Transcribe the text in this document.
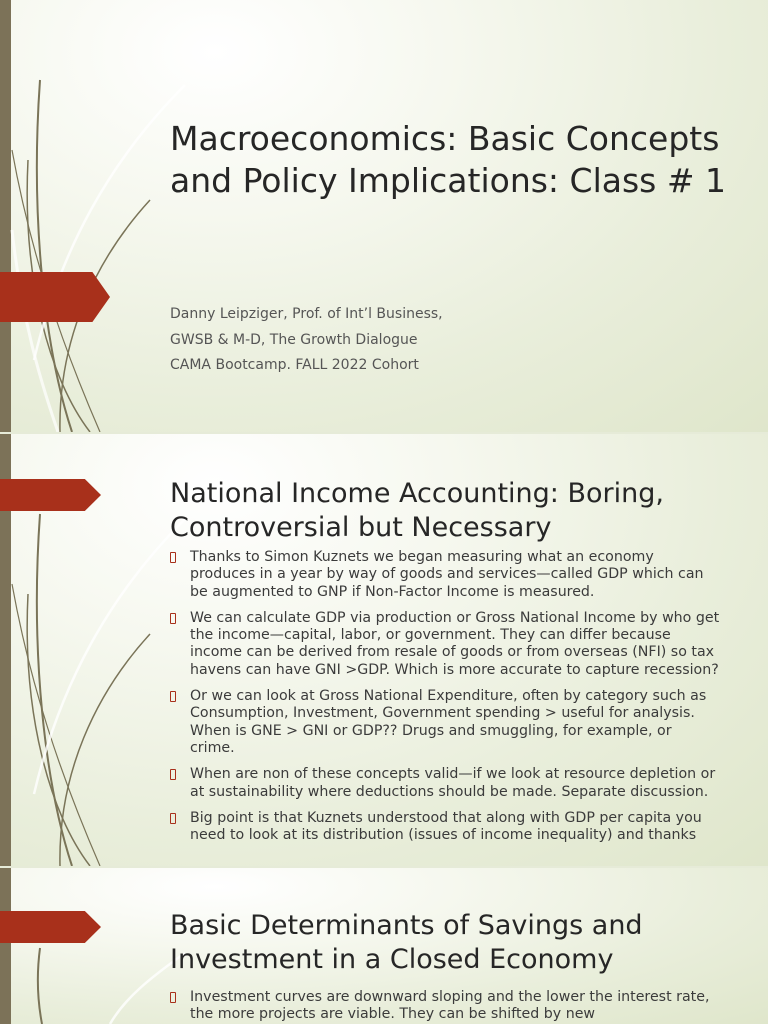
Macroeconomics: Basic Concepts and Policy Implications: Class # 1
Danny Leipziger, Prof. of Int’l Business,
GWSB & M-D, The Growth Dialogue
CAMA Bootcamp. FALL 2022 Cohort
National Income Accounting: Boring, Controversial but Necessary
Thanks to Simon Kuznets we began measuring what an economy produces in a year by way of goods and services—called GDP which can be augmented to GNP if Non-Factor Income is measured.
We can calculate GDP via production or Gross National Income by who get the income—capital, labor, or government. They can differ because income can be derived from resale of goods or from overseas (NFI) so tax havens can have GNI >GDP. Which is more accurate to capture recession?
Or we can look at Gross National Expenditure, often by category such as Consumption, Investment, Government spending > useful for analysis. When is GNE > GNI or GDP?? Drugs and smuggling, for example, or crime.
When are non of these concepts valid—if we look at resource depletion or at sustainability where deductions should be made. Separate discussion.
Big point is that Kuznets understood that along with GDP per capita you need to look at its distribution (issues of income inequality) and thanks
Basic Determinants of Savings and Investment in a Closed Economy
Investment curves are downward sloping and the lower the interest rate, the more projects are viable. They can be shifted by new
